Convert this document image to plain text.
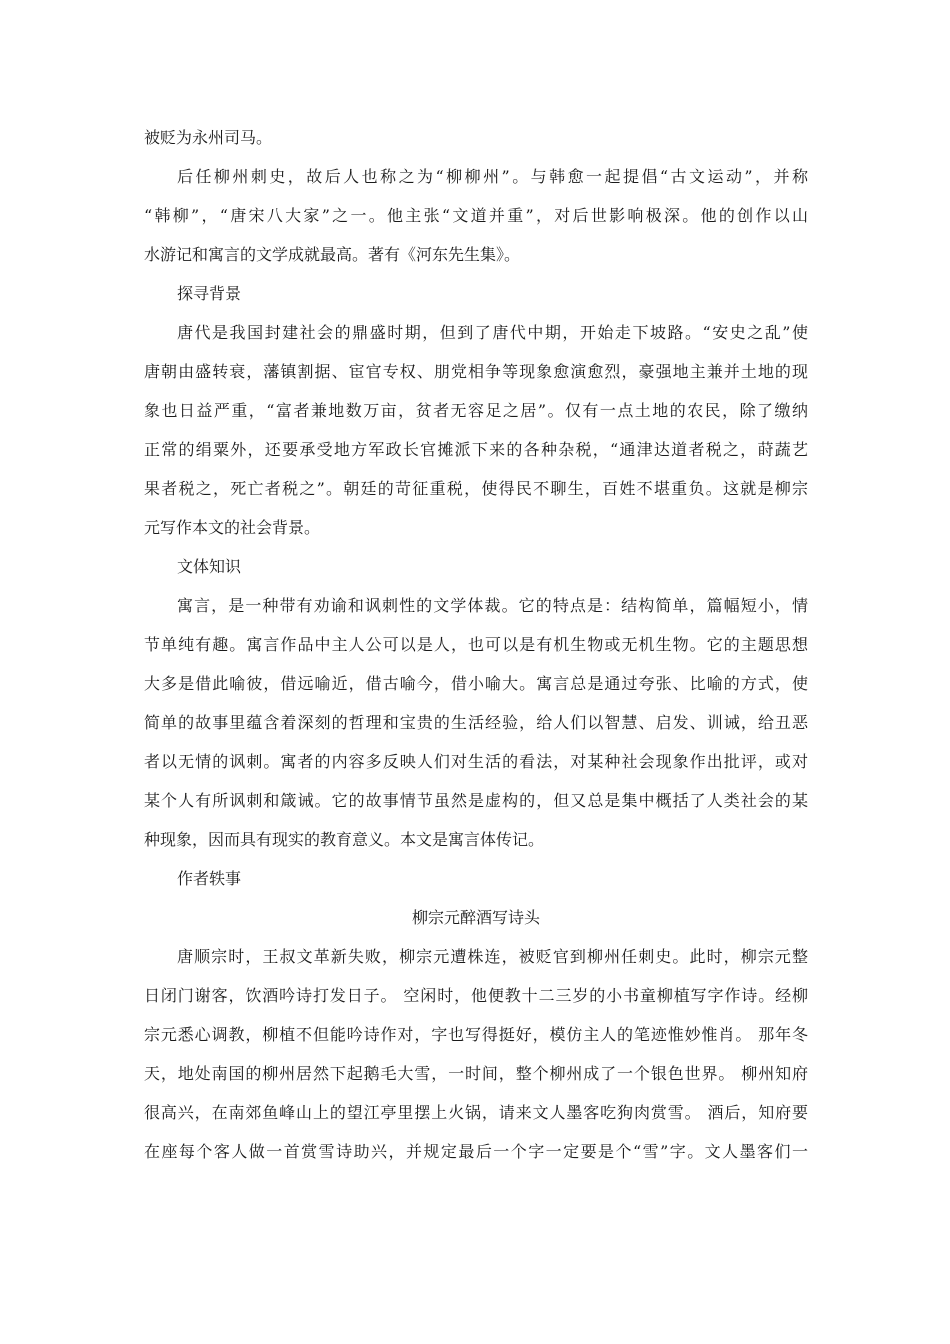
被贬为永州司马。
后任柳州刺史，故后人也称之为“柳柳州”。与韩愈一起提倡“古文运动”，并称
“韩柳”，“唐宋八大家”之一。他主张“文道并重”，对后世影响极深。他的创作以山
水游记和寓言的文学成就最高。著有《河东先生集》。
探寻背景
唐代是我国封建社会的鼎盛时期，但到了唐代中期，开始走下坡路。“安史之乱”使
唐朝由盛转衰，藩镇割据、宦官专权、朋党相争等现象愈演愈烈，豪强地主兼并土地的现
象也日益严重，“富者兼地数万亩，贫者无容足之居”。仅有一点土地的农民，除了缴纳
正常的绢粟外，还要承受地方军政长官摊派下来的各种杂税，“通津达道者税之，莳蔬艺
果者税之，死亡者税之”。朝廷的苛征重税，使得民不聊生，百姓不堪重负。这就是柳宗
元写作本文的社会背景。
文体知识
寓言，是一种带有劝谕和讽刺性的文学体裁。它的特点是：结构简单，篇幅短小，情
节单纯有趣。寓言作品中主人公可以是人，也可以是有机生物或无机生物。它的主题思想
大多是借此喻彼，借远喻近，借古喻今，借小喻大。寓言总是通过夸张、比喻的方式，使
简单的故事里蕴含着深刻的哲理和宝贵的生活经验，给人们以智慧、启发、训诫，给丑恶
者以无情的讽刺。寓者的内容多反映人们对生活的看法，对某种社会现象作出批评，或对
某个人有所讽刺和箴诫。它的故事情节虽然是虚构的，但又总是集中概括了人类社会的某
种现象，因而具有现实的教育意义。本文是寓言体传记。
作者轶事
柳宗元醉酒写诗头
唐顺宗时，王叔文革新失败，柳宗元遭株连，被贬官到柳州任刺史。此时，柳宗元整
日闭门谢客，饮酒吟诗打发日子。 空闲时，他便教十二三岁的小书童柳植写字作诗。经柳
宗元悉心调教，柳植不但能吟诗作对，字也写得挺好，模仿主人的笔迹惟妙惟肖。 那年冬
天，地处南国的柳州居然下起鹅毛大雪，一时间，整个柳州成了一个银色世界。 柳州知府
很高兴，在南郊鱼峰山上的望江亭里摆上火锅，请来文人墨客吃狗肉赏雪。 酒后，知府要
在座每个客人做一首赏雪诗助兴，并规定最后一个字一定要是个“雪”字。文人墨客们一
